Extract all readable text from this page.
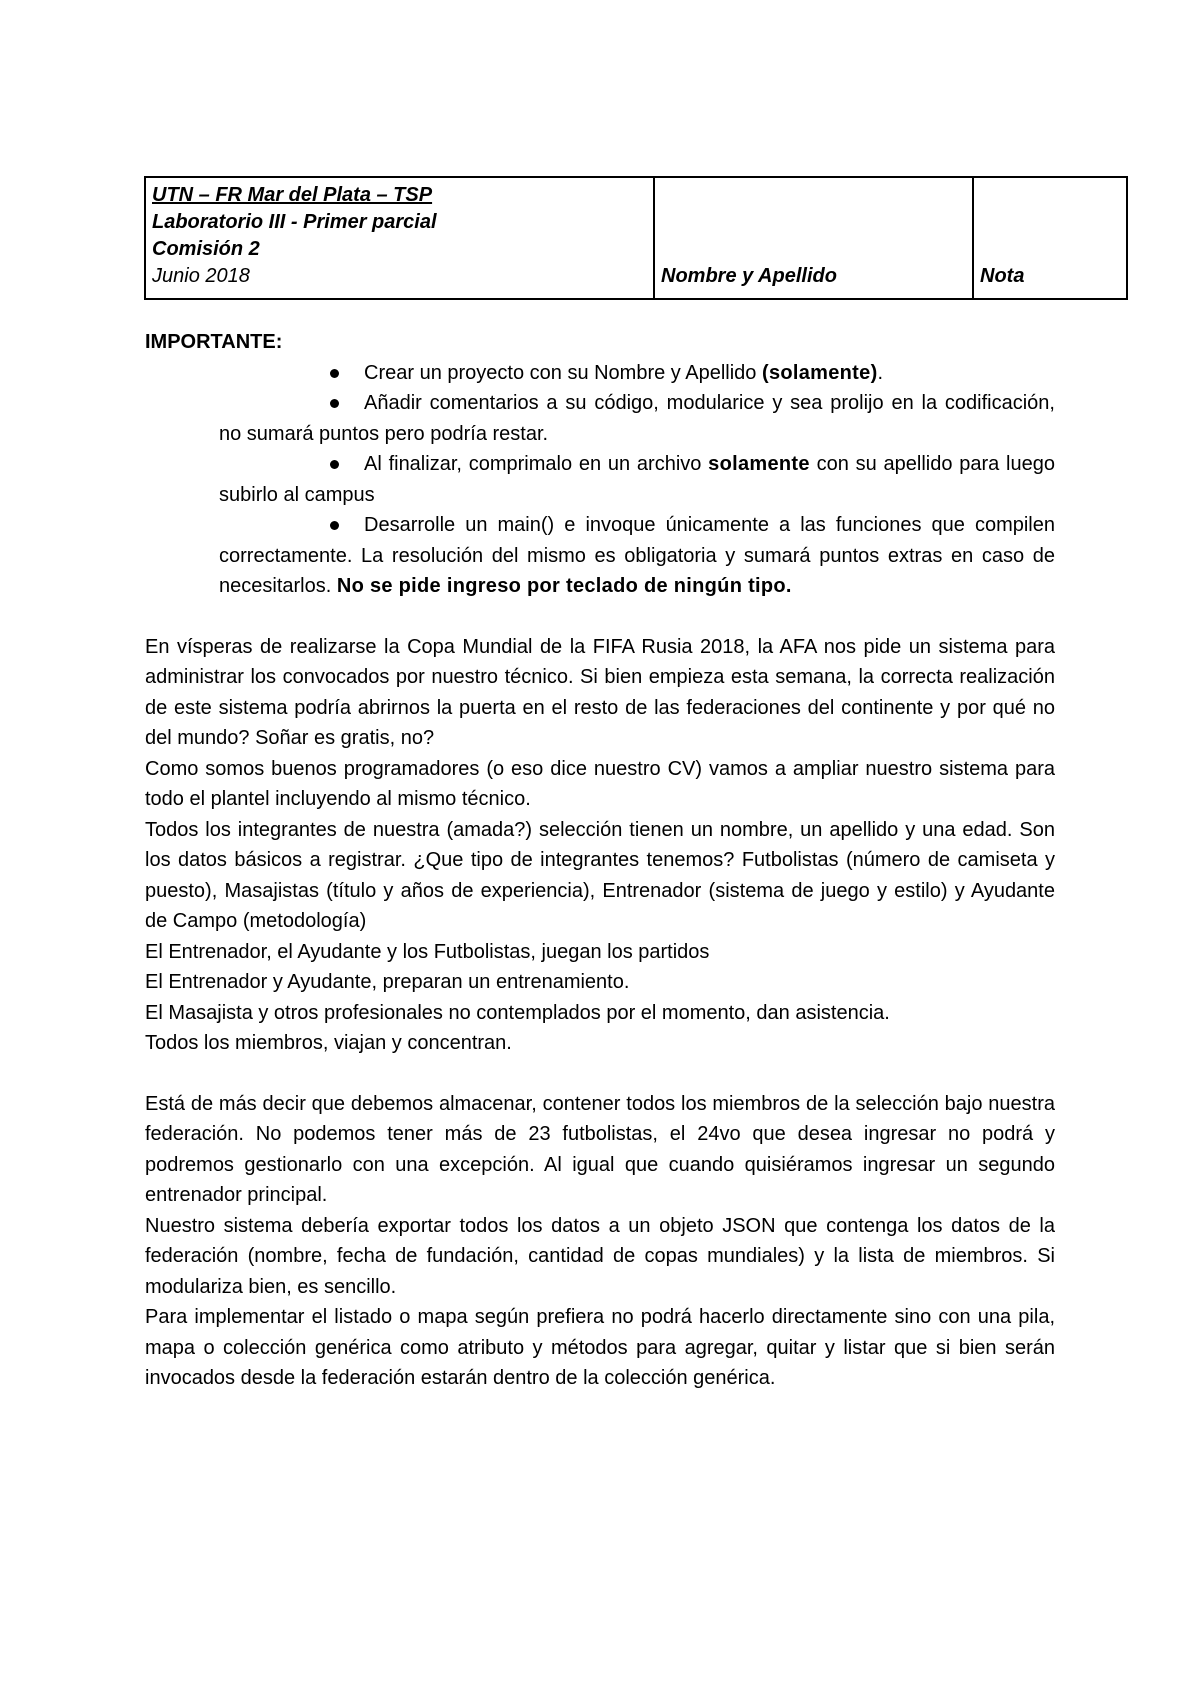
UTN – FR Mar del Plata – TSP
Laboratorio III - Primer parcial
Comisión 2
Junio 2018	Nombre y Apellido	Nota

IMPORTANTE:

Crear un proyecto con su Nombre y Apellido (solamente).
Añadir comentarios a su código, modularice y sea prolijo en la codificación, no sumará puntos pero podría restar.
Al finalizar, comprimalo en un archivo solamente con su apellido para luego subirlo al campus
Desarrolle un main() e invoque únicamente a las funciones que compilen correctamente. La resolución del mismo es obligatoria y sumará puntos extras en caso de necesitarlos. No se pide ingreso por teclado de ningún tipo.

En vísperas de realizarse la Copa Mundial de la FIFA Rusia 2018, la AFA nos pide un sistema para administrar los convocados por nuestro técnico. Si bien empieza esta semana, la correcta realización de este sistema podría abrirnos la puerta en el resto de las federaciones del continente y por qué no del mundo? Soñar es gratis, no?

Como somos buenos programadores (o eso dice nuestro CV) vamos a ampliar nuestro sistema para todo el plantel incluyendo al mismo técnico.

Todos los integrantes de nuestra (amada?) selección tienen un nombre, un apellido y una edad. Son los datos básicos a registrar. ¿Que tipo de integrantes tenemos? Futbolistas (número de camiseta y puesto), Masajistas (título y años de experiencia), Entrenador (sistema de juego y estilo) y Ayudante de Campo (metodología)

El Entrenador, el Ayudante y los Futbolistas, juegan los partidos

El Entrenador y Ayudante, preparan un entrenamiento.

El Masajista y otros profesionales no contemplados por el momento, dan asistencia.

Todos los miembros, viajan y concentran.

Está de más decir que debemos almacenar, contener todos los miembros de la selección bajo nuestra federación. No podemos tener más de 23 futbolistas, el 24vo que desea ingresar no podrá y podremos gestionarlo con una excepción. Al igual que cuando quisiéramos ingresar un segundo entrenador principal.

Nuestro sistema debería exportar todos los datos a un objeto JSON que contenga los datos de la federación (nombre, fecha de fundación, cantidad de copas mundiales) y la lista de miembros. Si modulariza bien, es sencillo.

Para implementar el listado o mapa según prefiera no podrá hacerlo directamente sino con una pila, mapa o colección genérica como atributo y métodos para agregar, quitar y listar que si bien serán invocados desde la federación estarán dentro de la colección genérica.
